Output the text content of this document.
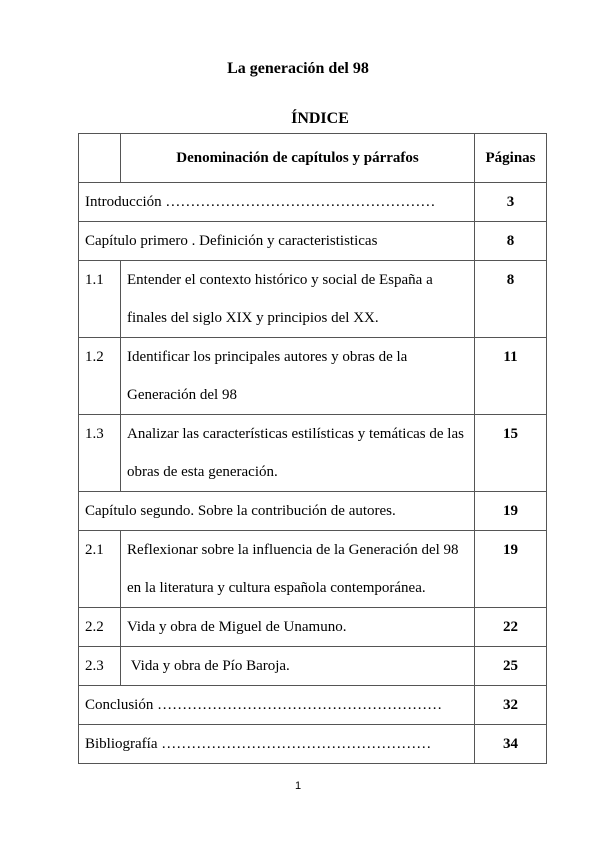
La generación del 98
ÍNDICE
	Denominación de capítulos y párrafos	Páginas
Introducción ………………………………………………		3
Capítulo primero . Definición y caracterististicas		8
1.1	Entender el contexto histórico y social de España a finales del siglo XIX y principios del XX.	8
1.2	Identificar los principales autores y obras de la Generación del 98	11
1.3	Analizar las características estilísticas y temáticas de las obras de esta generación.	15
Capítulo segundo. Sobre la contribución de autores.		19
2.1	Reflexionar sobre la influencia de la Generación del 98 en la literatura y cultura española contemporánea.	19
2.2	Vida y obra de Miguel de Unamuno.	22
2.3	Vida y obra de Pío Baroja.	25
Conclusión …………………………………………………		32
Bibliografía ………………………………………………		34
1
